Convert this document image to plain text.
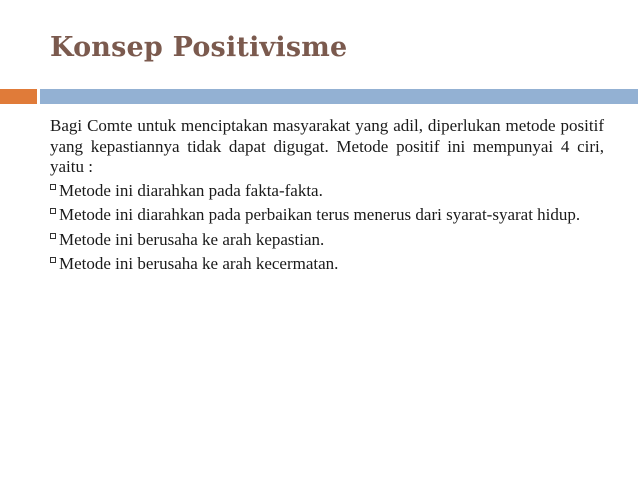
Konsep Positivisme

Bagi Comte untuk menciptakan masyarakat yang adil, diperlukan metode positif yang kepastiannya tidak dapat digugat. Metode positif ini mempunyai 4 ciri, yaitu :

Metode ini diarahkan pada fakta-fakta.
Metode ini diarahkan pada perbaikan terus menerus dari syarat-syarat hidup.
Metode ini berusaha ke arah kepastian.
Metode ini berusaha ke arah kecermatan.
